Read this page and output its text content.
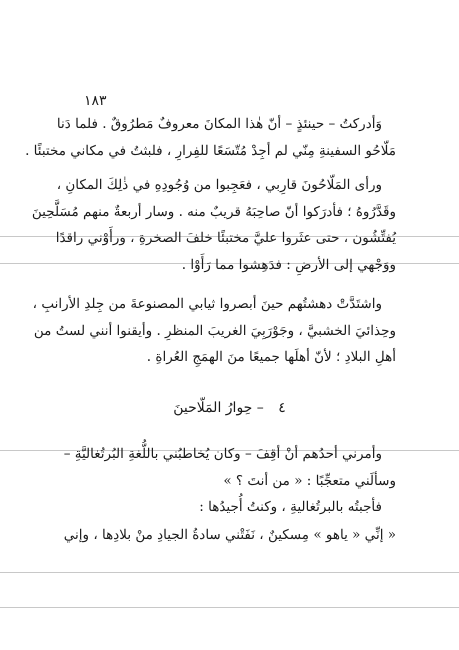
١٨٣
وَأدركتُ – حينئذٍ – أنّ هٰذا المكانَ معروفٌ مَطرُوقٌ . فلما دَنا
مَلّاحُو السفينةِ مِنّي لم أجِدْ مُتّسَعًا للفِرارِ ، فلبثتُ في مكاني مختبئًا .
ورأى المَلّاحُونَ قارِبي ، فعَجِبوا من وُجُودِهِ في ذٰلِكَ المكانِ ،
وقَدَّرُوهُ ؛ فأدرَكوا أنّ صاحِبَهُ قريبٌ منه . وسار أربعةٌ منهم مُسَلَّحِينَ
يُفتِّشُون ، حتى عثَروا عليَّ مختبئًا خلفَ الصخرةِ ، ورأَوْني راقدًا
ووَجْهي إلى الأرضِ : فدَهِشوا مما رَأَوْا .
واشتَدَّتْ دهشتُهم حينَ أبصروا ثيابي المصنوعةَ من جِلدِ الأرانبِ ،
وحِذائيَ الخشبيَّ ، وجَوْرَبِيَ الغريبَ المنظرِ . وأيقنوا أنني لستُ من
أهلِ البلادِ ؛ لأنّ أهلَها جميعًا منَ الهمَجِ العُراةِ .
٤ – حِوارُ المَلّاحينَ
وأمرني أحدُهم أنْ أقِفَ – وكان يُخاطبُني باللُّغةِ البُرتُغاليَّةِ –
وسألَني متعجِّبًا : « من أنتَ ؟ »
فأجبتُه بالبرتُغاليةِ ، وكنتُ أُجيدُها :
« إنِّي « ياهو » مِسكينٌ ، نَفَتْني سادةُ الجيادِ منْ بلادِها ، وإني
